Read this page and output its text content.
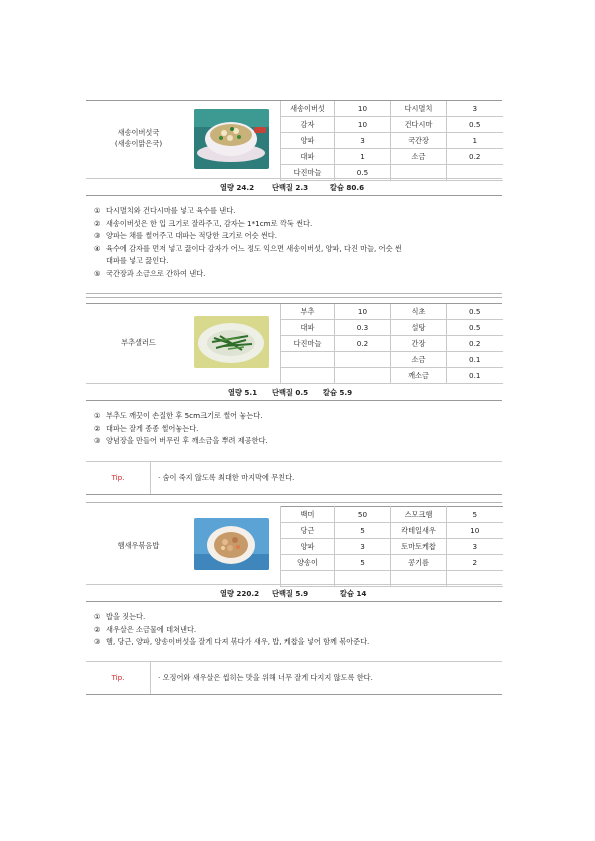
새송이버섯국
(새송이맑은국)
새송이버섯	10	다시멸치	3
감자	10	건다시마	0.5
양파	3	국간장	1
대파	1	소금	0.2
다진마늘	0.5		
열량 24.2 단백질 2.3	칼슘 80.6
① 다시멸치와 건다시마를 넣고 육수를 낸다.
② 새송이버섯은 한 입 크기로 잘라주고, 감자는 1*1cm로 깍둑 썬다.
③ 양파는 채를 썰어주고 대파는 적당한 크기로 어슷 썬다.
④ 육수에 감자를 먼저 넣고 끓이다 감자가 어느 정도 익으면 새송이버섯, 양파, 다진 마늘, 어슷 썬
대파를 넣고 끓인다.
⑤ 국간장과 소금으로 간하여 낸다.
부추샐러드
부추	10	식초	0.5
대파	0.3	설탕	0.5
다진마늘	0.2	간장	0.2
		소금	0.1
		깨소금	0.1
열량 5.1 단백질 0.5 칼슘 5.9
① 부추도 깨끗이 손질한 후 5cm크기로 썰어 놓는다.
② 대파는 잘게 종종 썰어놓는다.
③ 양념장을 만들어 버무린 후 깨소금을 뿌려 제공한다.
Tip.	· 숨이 죽지 않도록 최대한 마지막에 무친다.
햄새우볶음밥
백미	50	스모크햄	5
당근	5	칵테일새우	10
양파	3	토마토케찹	3
양송이	5	콩기름	2

열량 220.2 단백질 5.9	칼슘 14
① 밥을 짓는다.
② 새우살은 소금물에 데쳐낸다.
③ 햄, 당근, 양파, 양송이버섯을 잘게 다져 볶다가 새우, 밥, 케찹을 넣어 함께 볶아준다.
Tip.	· 오징어와 새우살은 씹히는 맛을 위해 너무 잘게 다지지 않도록 한다.
